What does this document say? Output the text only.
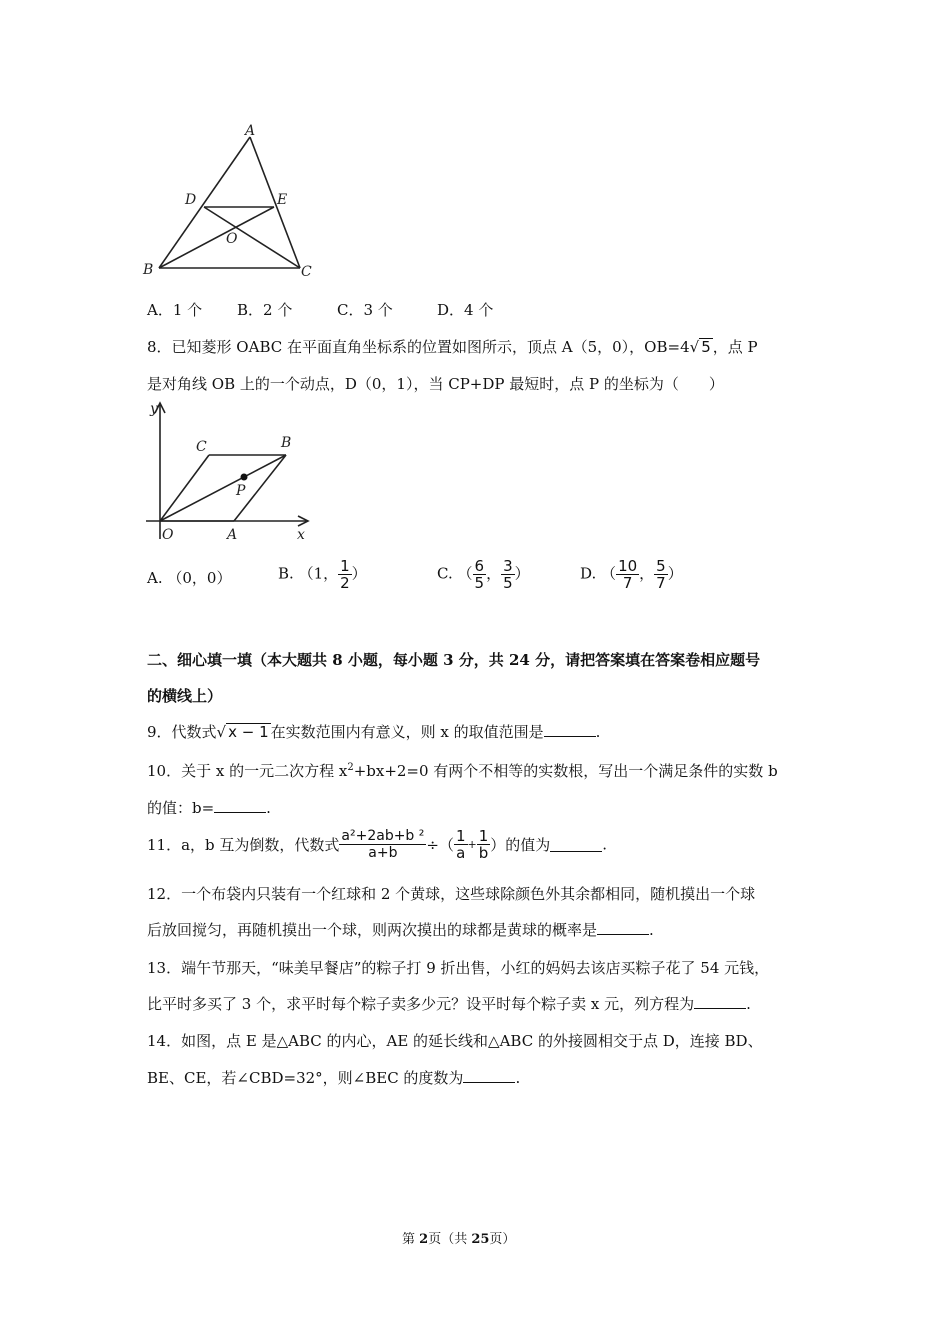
A
D	E
O
B	C
A．1 个 B．2 个	C．3 个	D．4 个
8．已知菱形 OABC 在平面直角坐标系的位置如图所示，顶点 A（5，0），OB=4√ 5 ，点 P
是对角线 OB 上的一个动点，D（0，1），当 CP+DP 最短时，点 P 的坐标为（　　）
y
x
O	A
B
C
P
A. （0，0）	B. （1， $\frac{1}{2}$ ）	C. （ $\frac{6}{5}$ ， $\frac{3}{5}$ ）	D. （ $\frac{10}{7}$ ， $\frac{5}{7}$ ）
二、细心填一填（本大题共 8 小题，每小题 3 分，共 24 分，请把答案填在答案卷相应题号
的横线上）
9．代数式√ x − 1 在实数范围内有意义，则 x 的取值范围是	.
10．关于 x 的一元二次方程 $x^2+bx+2=0$ 有两个不相等的实数根，写出一个满足条件的实数 b
的值：b=	.
11．a，b 互为倒数，代数式 $\frac{\text{a²+2ab+b ²}}{a+b}$ ÷（ $\frac{1}{a} + \frac{1}{b}$ ）的值为	.
12．一个布袋内只装有一个红球和 2 个黄球，这些球除颜色外其余都相同，随机摸出一个球
后放回搅匀，再随机摸出一个球，则两次摸出的球都是黄球的概率是	.
13．端午节那天，“味美早餐店”的粽子打 9 折出售，小红的妈妈去该店买粽子花了 54 元钱，
比平时多买了 3 个，求平时每个粽子卖多少元？设平时每个粽子卖 x 元，列方程为	.
14．如图，点 E 是△ABC 的内心，AE 的延长线和△ABC 的外接圆相交于点 D，连接 BD、
BE、CE，若∠CBD=32°，则∠BEC 的度数为	.
第 2页（共 25页）
